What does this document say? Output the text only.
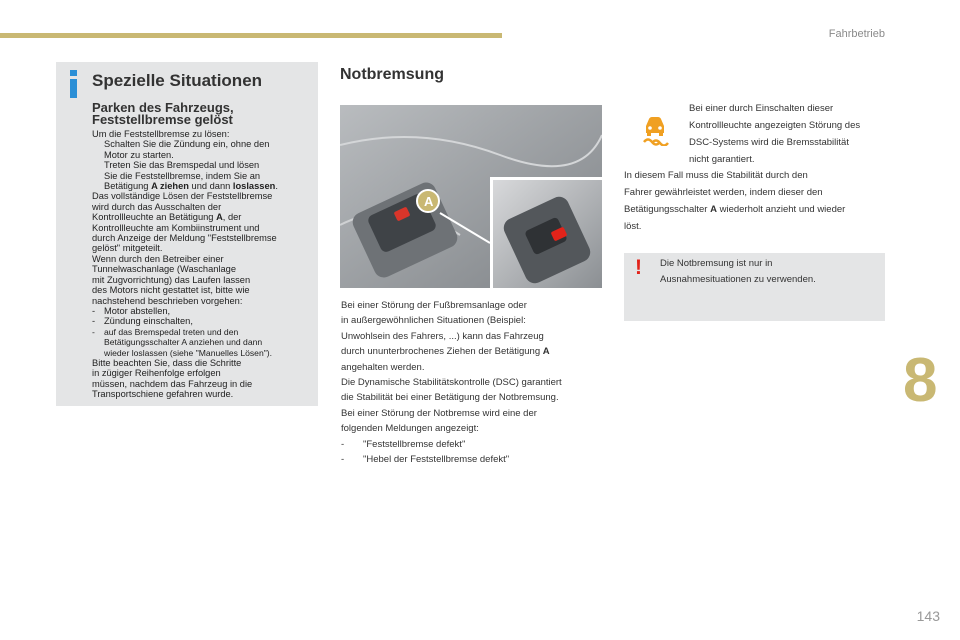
Fahrbetrieb
8
143
Spezielle Situationen
Parken des Fahrzeugs,
Feststellbremse gelöst
Um die Feststellbremse zu lösen:
Schalten Sie die Zündung ein, ohne den
Motor zu starten.
Treten Sie das Bremspedal und lösen
Sie die Feststellbremse, indem Sie an
Betätigung A ziehen und dann loslassen.
Das vollständige Lösen der Feststellbremse
wird durch das Ausschalten der
Kontrollleuchte an Betätigung A, der
Kontrollleuchte am Kombiinstrument und
durch Anzeige der Meldung "Feststellbremse
gelöst" mitgeteilt.
Wenn durch den Betreiber einer
Tunnelwaschanlage (Waschanlage
mit Zugvorrichtung) das Laufen lassen
des Motors nicht gestattet ist, bitte wie
nachstehend beschrieben vorgehen:
- Motor abstellen,
- Zündung einschalten,
- auf das Bremspedal treten und den
Betätigungsschalter A anziehen und dann
wieder loslassen (siehe "Manuelles Lösen").
Bitte beachten Sie, dass die Schritte
in zügiger Reihenfolge erfolgen
müssen, nachdem das Fahrzeug in die
Transportschiene gefahren wurde.
Notbremsung
A
Bei einer Störung der Fußbremsanlage oder
in außergewöhnlichen Situationen (Beispiel:
Unwohlsein des Fahrers, ...) kann das Fahrzeug
durch ununterbrochenes Ziehen der Betätigung A
angehalten werden.
Die Dynamische Stabilitätskontrolle (DSC) garantiert
die Stabilität bei einer Betätigung der Notbremsung.
Bei einer Störung der Notbremse wird eine der
folgenden Meldungen angezeigt:
- "Feststellbremse defekt"
- "Hebel der Feststellbremse defekt"
Bei einer durch Einschalten dieser
Kontrollleuchte angezeigten Störung des
DSC-Systems wird die Bremsstabilität
nicht garantiert.
In diesem Fall muss die Stabilität durch den
Fahrer gewährleistet werden, indem dieser den
Betätigungsschalter A wiederholt anzieht und wieder
löst.
! Die Notbremsung ist nur in
Ausnahmesituationen zu verwenden.
